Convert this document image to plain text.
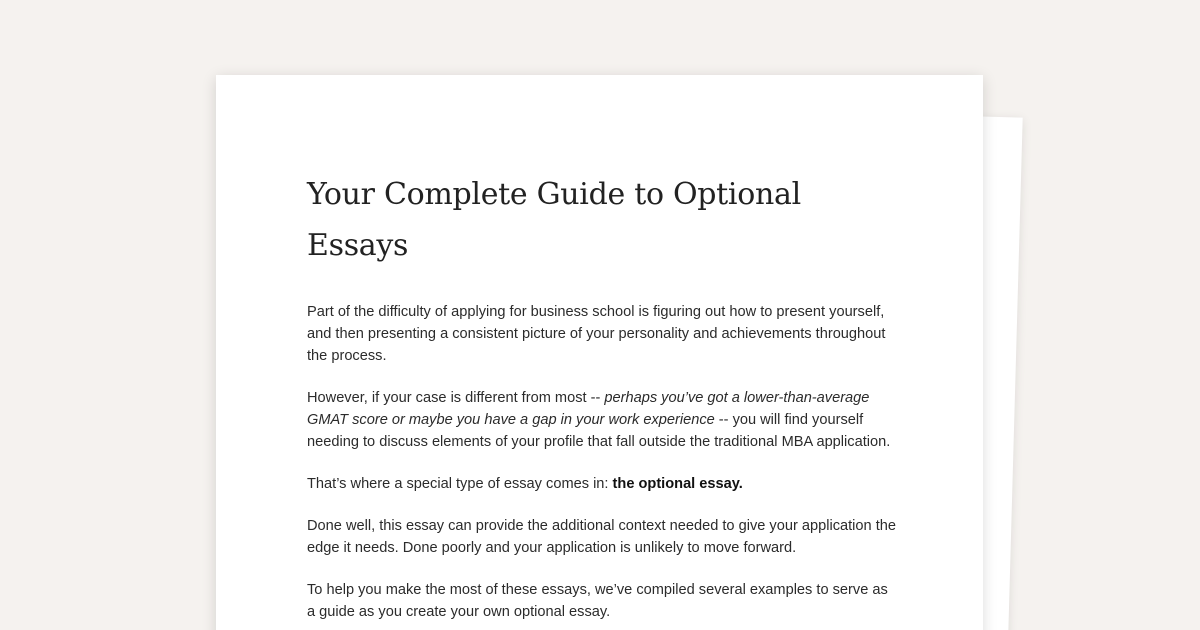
Your Complete Guide to Optional Essays

Part of the difficulty of applying for business school is figuring out how to present yourself, and then presenting a consistent picture of your personality and achievements throughout the process.

However, if your case is different from most -- perhaps you’ve got a lower-than-average GMAT score or maybe you have a gap in your work experience -- you will find yourself needing to discuss elements of your profile that fall outside the traditional MBA application.

That’s where a special type of essay comes in: the optional essay.

Done well, this essay can provide the additional context needed to give your application the edge it needs. Done poorly and your application is unlikely to move forward.

To help you make the most of these essays, we’ve compiled several examples to serve as a guide as you create your own optional essay.
